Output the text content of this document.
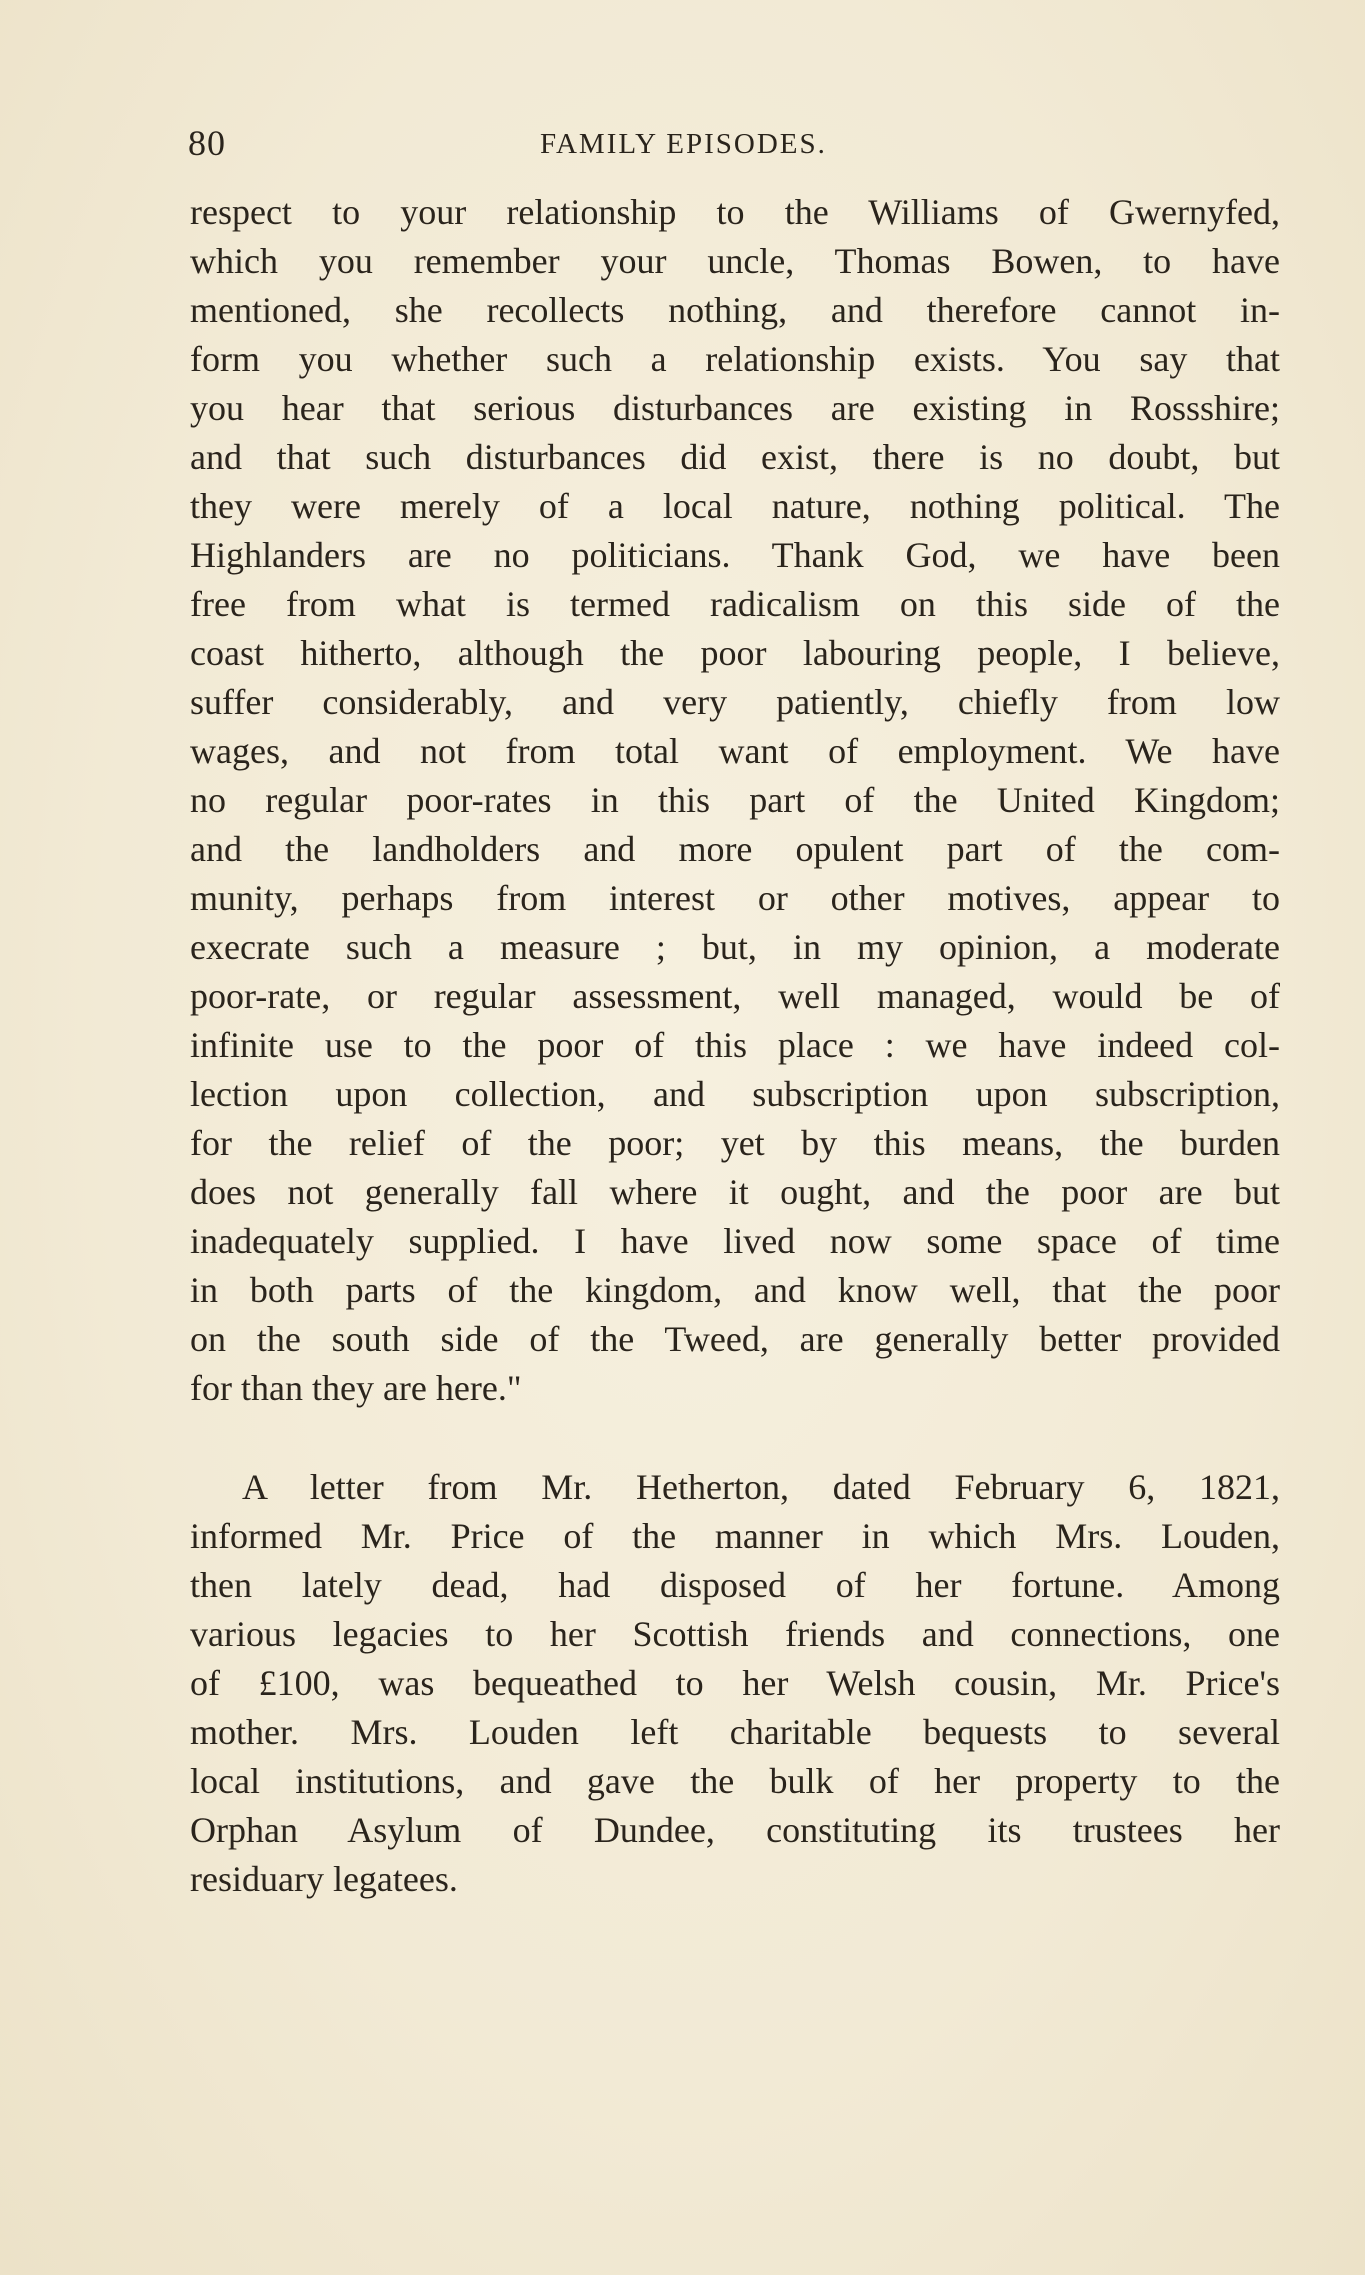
80	FAMILY EPISODES.
respect to your relationship to the Williams of Gwernyfed,
which you remember your uncle, Thomas Bowen, to have
mentioned, she recollects nothing, and therefore cannot in-
form you whether such a relationship exists. You say that
you hear that serious disturbances are existing in Rossshire;
and that such disturbances did exist, there is no doubt, but
they were merely of a local nature, nothing political. The
Highlanders are no politicians. Thank God, we have been
free from what is termed radicalism on this side of the
coast hitherto, although the poor labouring people, I believe,
suffer considerably, and very patiently, chiefly from low
wages, and not from total want of employment. We have
no regular poor-rates in this part of the United Kingdom;
and the landholders and more opulent part of the com-
munity, perhaps from interest or other motives, appear to
execrate such a measure ; but, in my opinion, a moderate
poor-rate, or regular assessment, well managed, would be of
infinite use to the poor of this place : we have indeed col-
lection upon collection, and subscription upon subscription,
for the relief of the poor; yet by this means, the burden
does not generally fall where it ought, and the poor are but
inadequately supplied. I have lived now some space of time
in both parts of the kingdom, and know well, that the poor
on the south side of the Tweed, are generally better provided
for than they are here."
A letter from Mr. Hetherton, dated February 6, 1821,
informed Mr. Price of the manner in which Mrs. Louden,
then lately dead, had disposed of her fortune. Among
various legacies to her Scottish friends and connections, one
of £100, was bequeathed to her Welsh cousin, Mr. Price's
mother. Mrs. Louden left charitable bequests to several
local institutions, and gave the bulk of her property to the
Orphan Asylum of Dundee, constituting its trustees her
residuary legatees.
